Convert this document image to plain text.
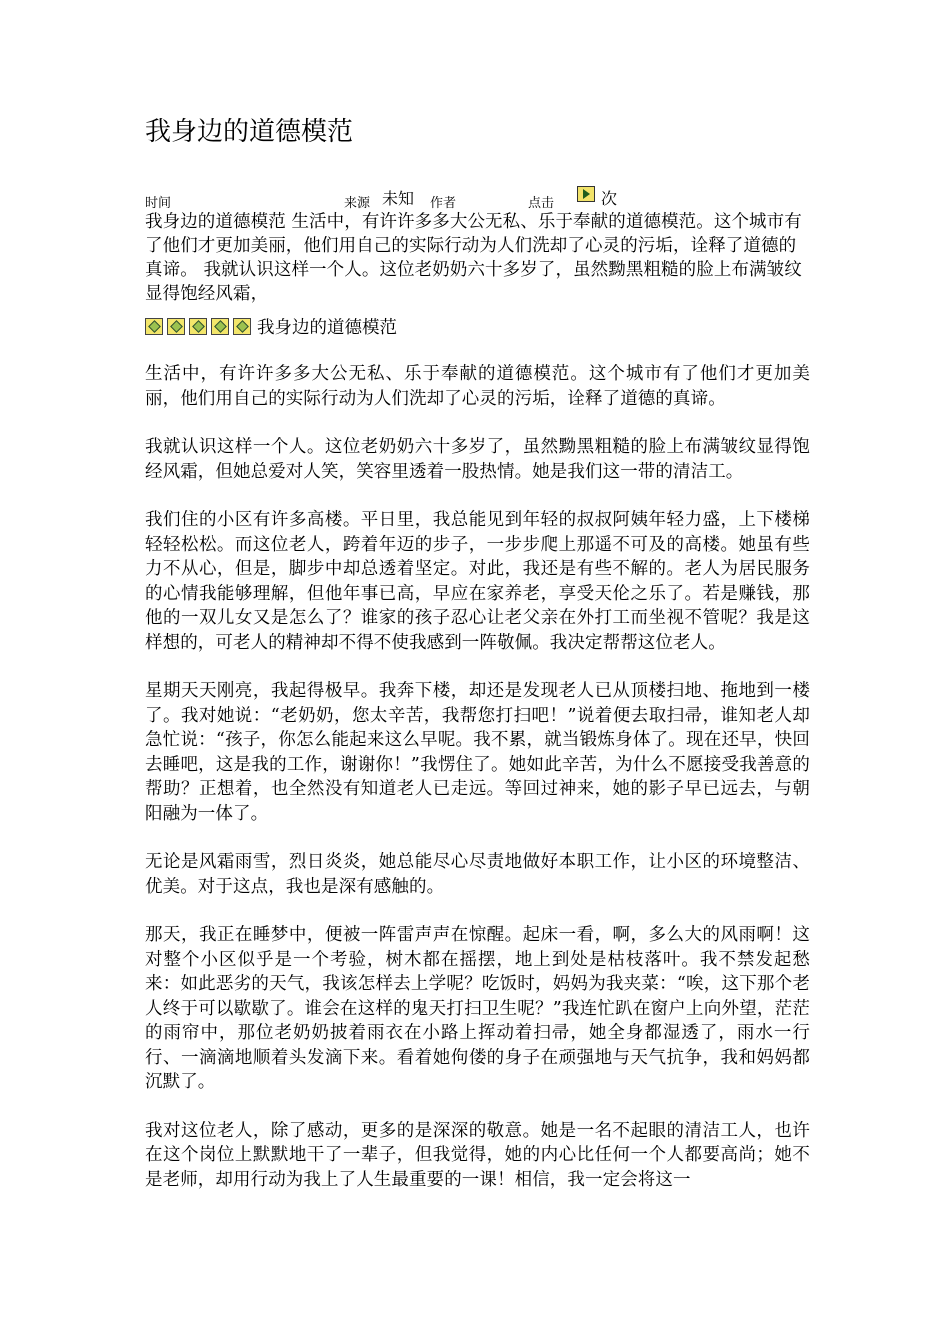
我身边的道德模范
时间	来源 未知 作者	点击	次

我身边的道德模范 生活中，有许许多多大公无私、乐于奉献的道德模范。这个城市有了他们才更加美丽，他们用自己的实际行动为人们洗却了心灵的污垢，诠释了道德的真谛。 我就认识这样一个人。这位老奶奶六十多岁了，虽然黝黑粗糙的脸上布满皱纹显得饱经风霜，

我身边的道德模范

生活中，有许许多多大公无私、乐于奉献的道德模范。这个城市有了他们才更加美丽，他们用自己的实际行动为人们洗却了心灵的污垢，诠释了道德的真谛。

我就认识这样一个人。这位老奶奶六十多岁了，虽然黝黑粗糙的脸上布满皱纹显得饱经风霜，但她总爱对人笑，笑容里透着一股热情。她是我们这一带的清洁工。

我们住的小区有许多高楼。平日里，我总能见到年轻的叔叔阿姨年轻力盛，上下楼梯轻轻松松。而这位老人，跨着年迈的步子，一步步爬上那遥不可及的高楼。她虽有些力不从心，但是，脚步中却总透着坚定。对此，我还是有些不解的。老人为居民服务的心情我能够理解，但他年事已高，早应在家养老，享受天伦之乐了。若是赚钱，那他的一双儿女又是怎么了？谁家的孩子忍心让老父亲在外打工而坐视不管呢？我是这样想的，可老人的精神却不得不使我感到一阵敬佩。我决定帮帮这位老人。

星期天天刚亮，我起得极早。我奔下楼，却还是发现老人已从顶楼扫地、拖地到一楼了。我对她说：“老奶奶，您太辛苦，我帮您打扫吧！”说着便去取扫帚，谁知老人却急忙说：“孩子，你怎么能起来这么早呢。我不累，就当锻炼身体了。现在还早，快回去睡吧，这是我的工作，谢谢你！”我愣住了。她如此辛苦，为什么不愿接受我善意的帮助？正想着，也全然没有知道老人已走远。等回过神来，她的影子早已远去，与朝阳融为一体了。

无论是风霜雨雪，烈日炎炎，她总能尽心尽责地做好本职工作，让小区的环境整洁、优美。对于这点，我也是深有感触的。

那天，我正在睡梦中，便被一阵雷声声在惊醒。起床一看，啊，多么大的风雨啊！这对整个小区似乎是一个考验，树木都在摇摆，地上到处是枯枝落叶。我不禁发起愁来：如此恶劣的天气，我该怎样去上学呢？吃饭时，妈妈为我夹菜：“唉，这下那个老人终于可以歇歇了。谁会在这样的鬼天打扫卫生呢？”我连忙趴在窗户上向外望，茫茫的雨帘中，那位老奶奶披着雨衣在小路上挥动着扫帚，她全身都湿透了，雨水一行行、一滴滴地顺着头发滴下来。看着她佝偻的身子在顽强地与天气抗争，我和妈妈都沉默了。

我对这位老人，除了感动，更多的是深深的敬意。她是一名不起眼的清洁工人，也许在这个岗位上默默地干了一辈子，但我觉得，她的内心比任何一个人都要高尚；她不是老师，却用行动为我上了人生最重要的一课！相信，我一定会将这一
